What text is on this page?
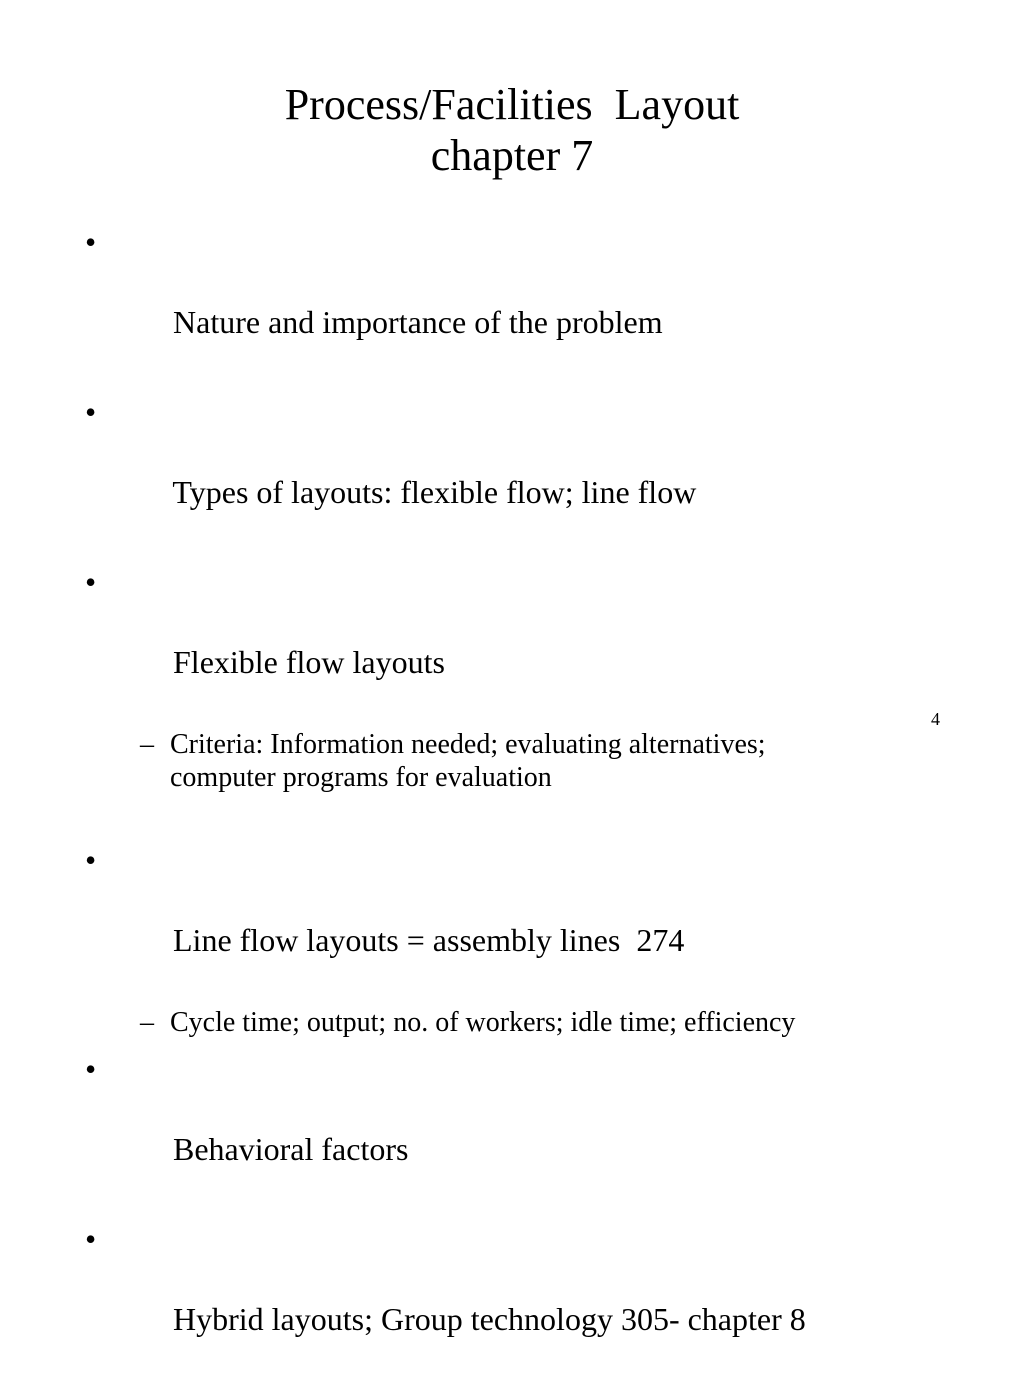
Process/Facilities  Layout
chapter 7

•

Nature and importance of the problem

•

Types of layouts: flexible flow; line flow

•

Flexible flow layouts

– Criteria: Information needed; evaluating alternatives;
computer programs for evaluation

•

Line flow layouts = assembly lines  274

– Cycle time; output; no. of workers; idle time; efficiency

•

Behavioral factors

•

Hybrid layouts; Group technology 305- chapter 8

4
